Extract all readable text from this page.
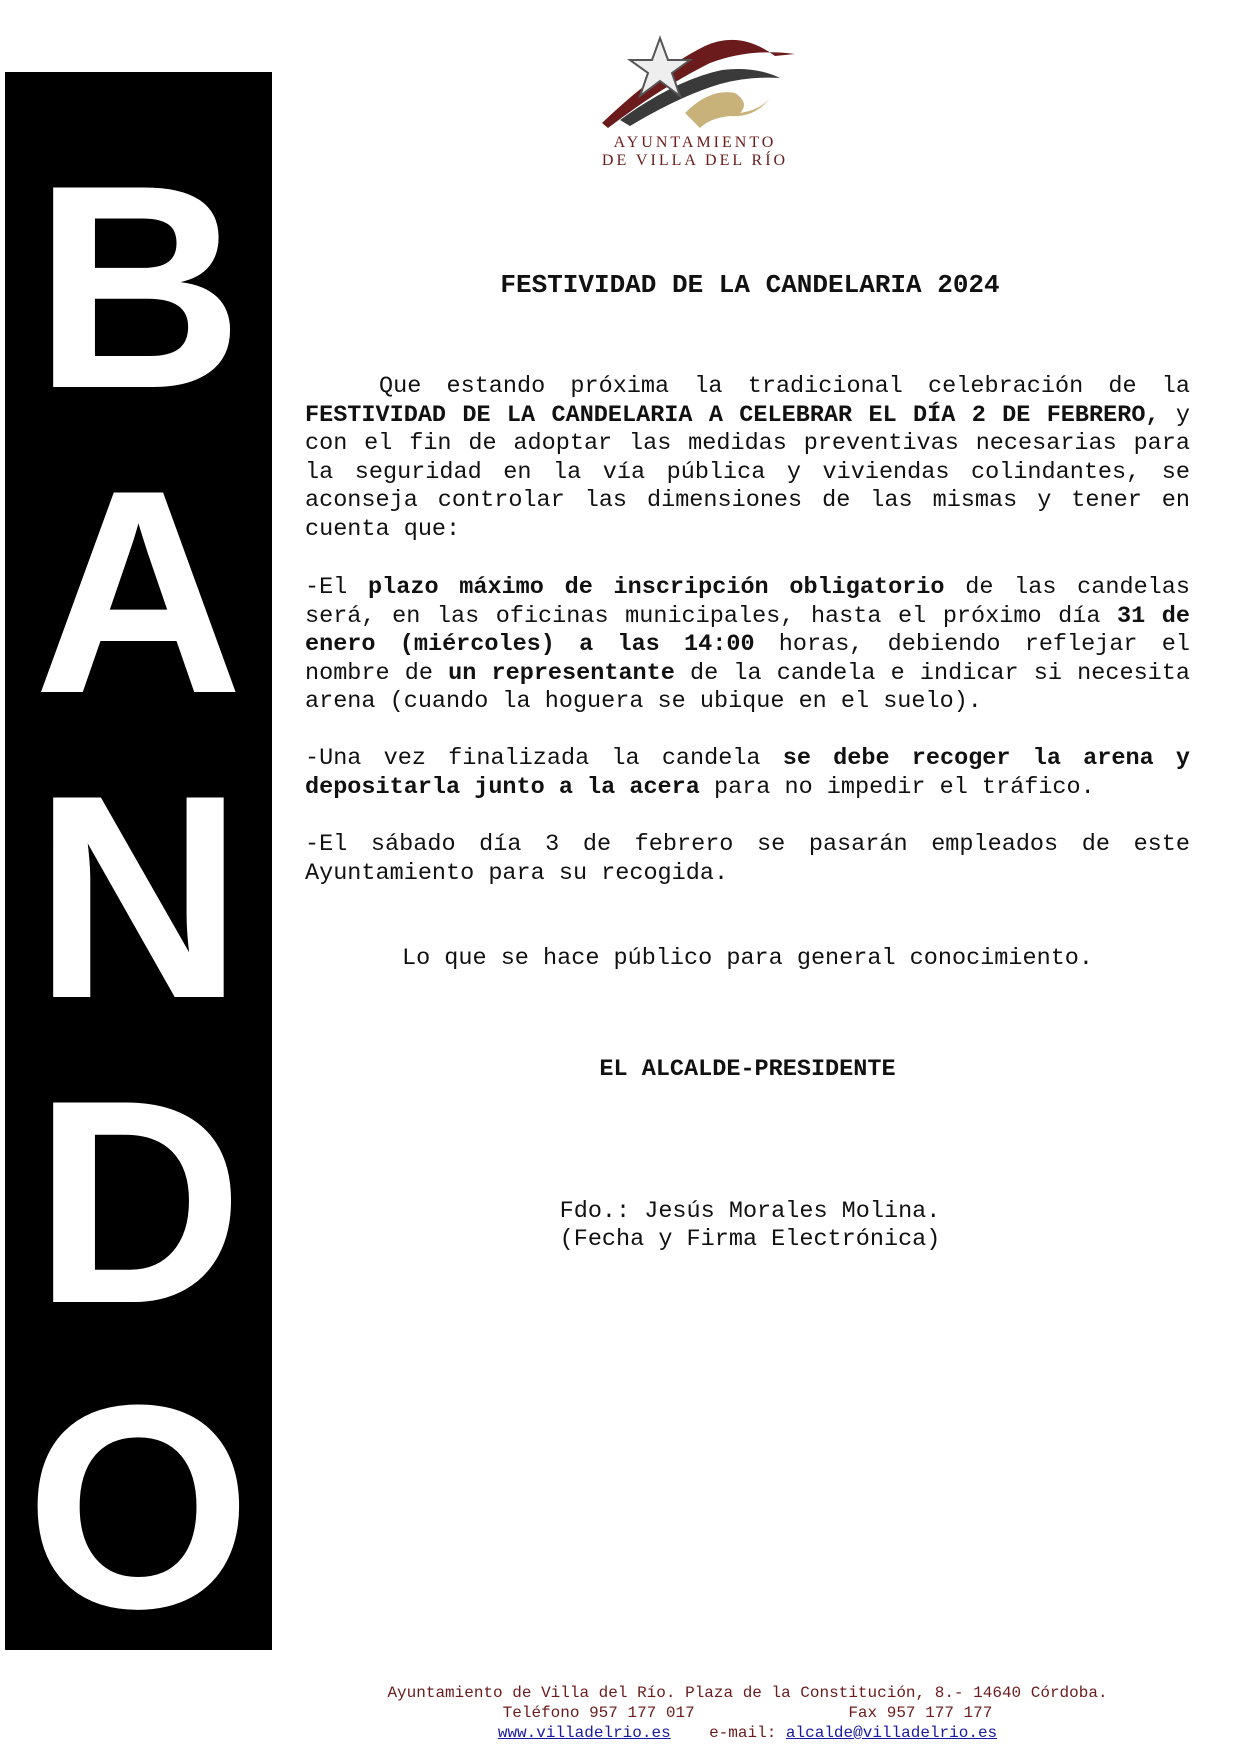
B
A
N
D
O
AYUNTAMIENTO
DE VILLA DEL RÍO
FESTIVIDAD DE LA CANDELARIA 2024

Que estando próxima la tradicional celebración de la FESTIVIDAD DE LA CANDELARIA A CELEBRAR EL DÍA 2 DE FEBRERO, y con el fin de adoptar las medidas preventivas necesarias para la seguridad en la vía pública y viviendas colindantes, se aconseja controlar las dimensiones de las mismas y tener en cuenta que:

-El plazo máximo de inscripción obligatorio de las candelas será, en las oficinas municipales, hasta el próximo día 31 de enero (miércoles) a las 14:00 horas, debiendo reflejar el nombre de un representante de la candela e indicar si necesita arena (cuando la hoguera se ubique en el suelo).

-Una vez finalizada la candela se debe recoger la arena y depositarla junto a la acera para no impedir el tráfico.

-El sábado día 3 de febrero se pasarán empleados de este Ayuntamiento para su recogida.

Lo que se hace público para general conocimiento.

EL ALCALDE-PRESIDENTE

Fdo.: Jesús Morales Molina.

(Fecha y Firma Electrónica)

Ayuntamiento de Villa del Río. Plaza de la Constitución, 8.- 14640 Córdoba.
Teléfono 957 177 017	Fax 957 177 177
www.villadelrio.es e-mail: alcalde@villadelrio.es
